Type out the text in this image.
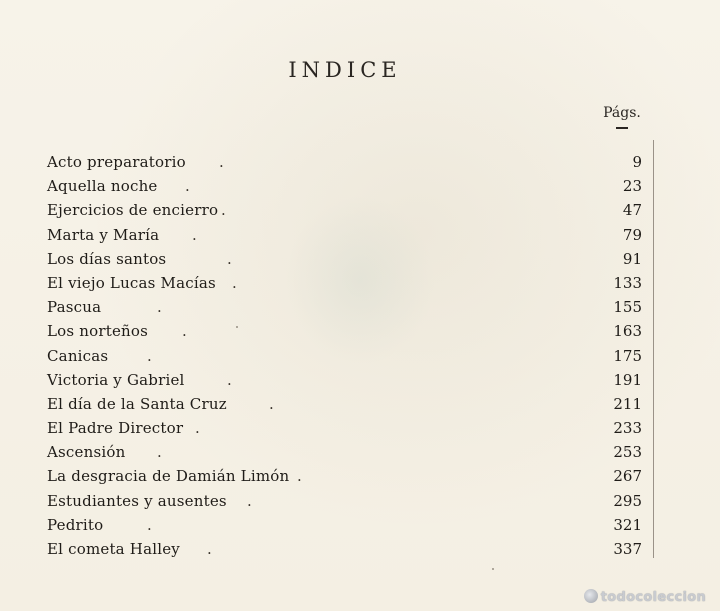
INDICE
Págs.
Acto preparatorio .	9
Aquella noche .	23
Ejercicios de encierro .	47
Marta y María .	79
Los días santos	.	91
El viejo Lucas Macías .	133
Pascua	.	155
Los norteños .	163
Canicas	.	175
Victoria y Gabriel	.	191
El día de la Santa Cruz	.	211
El Padre Director .	233
Ascensión .	253
La desgracia de Damián Limón .	267
Estudiantes y ausentes .	295
Pedrito	.	321
El cometa Halley .	337
todocoleccion
